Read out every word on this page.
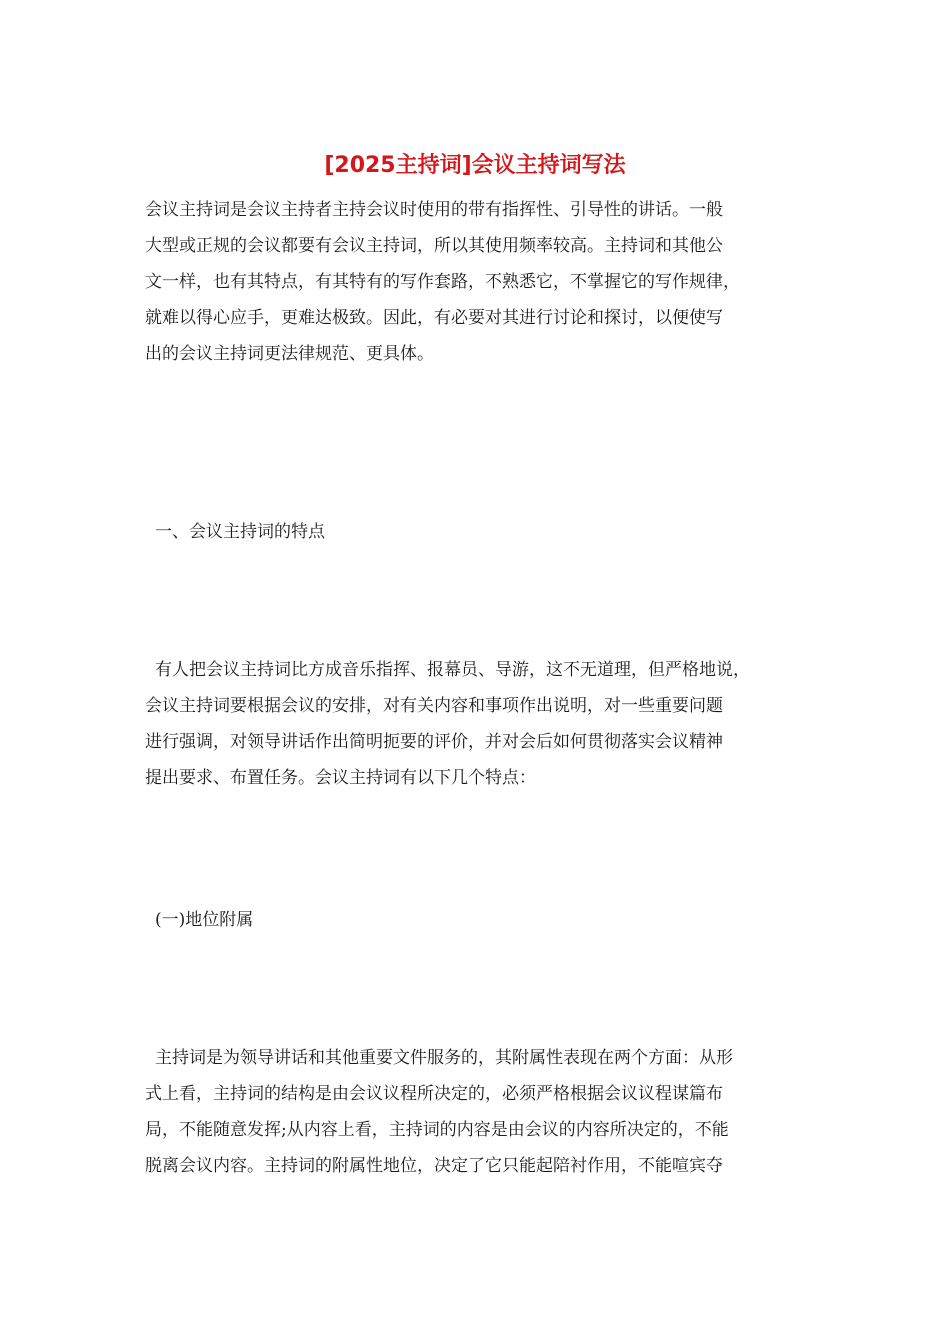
[2025主持词]会议主持词写法
会议主持词是会议主持者主持会议时使用的带有指挥性、引导性的讲话。一般
大型或正规的会议都要有会议主持词，所以其使用频率较高。主持词和其他公
文一样，也有其特点，有其特有的写作套路，不熟悉它，不掌握它的写作规律，
就难以得心应手，更难达极致。因此，有必要对其进行讨论和探讨，以便使写
出的会议主持词更法律规范、更具体。
一、会议主持词的特点
有人把会议主持词比方成音乐指挥、报幕员、导游，这不无道理，但严格地说，
会议主持词要根据会议的安排，对有关内容和事项作出说明，对一些重要问题
进行强调，对领导讲话作出简明扼要的评价，并对会后如何贯彻落实会议精神
提出要求、布置任务。会议主持词有以下几个特点：
(一)地位附属
主持词是为领导讲话和其他重要文件服务的，其附属性表现在两个方面：从形
式上看，主持词的结构是由会议议程所决定的，必须严格根据会议议程谋篇布
局，不能随意发挥;从内容上看，主持词的内容是由会议的内容所决定的，不能
脱离会议内容。主持词的附属性地位，决定了它只能起陪衬作用，不能喧宾夺
